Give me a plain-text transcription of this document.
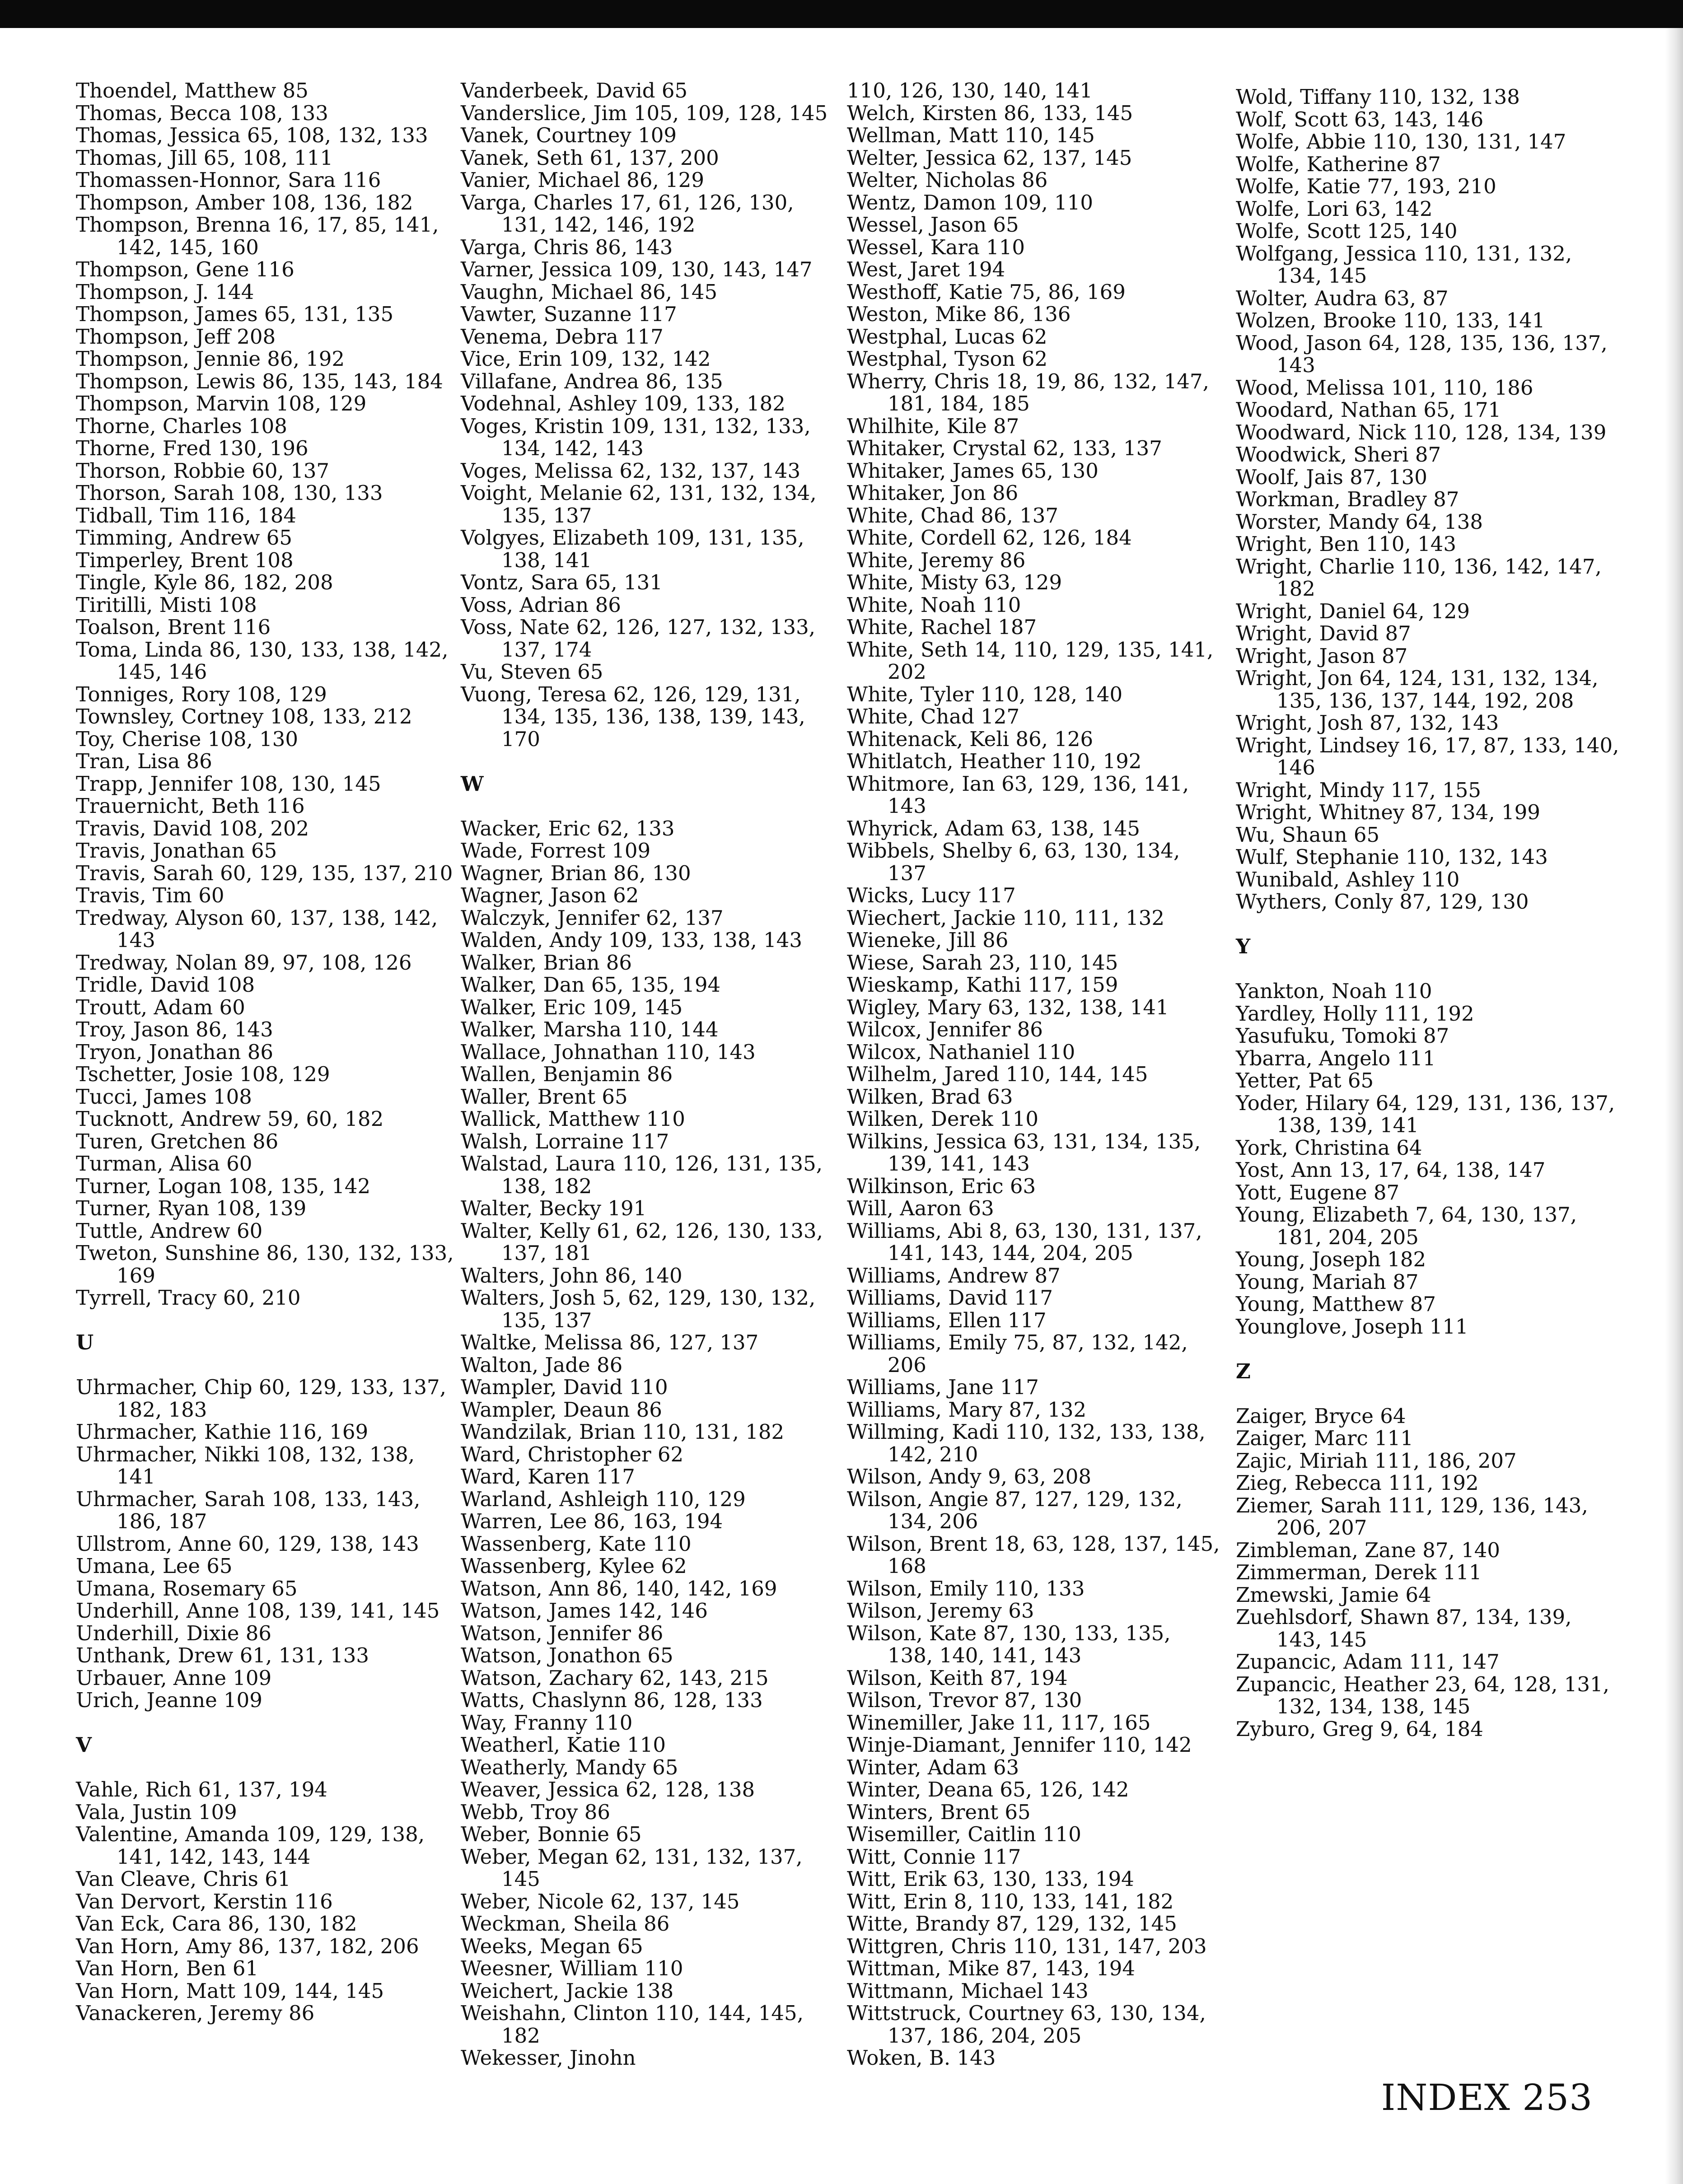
Thoendel, Matthew 85
Thomas, Becca 108, 133
Thomas, Jessica 65, 108, 132, 133
Thomas, Jill 65, 108, 111
Thomassen-Honnor, Sara 116
Thompson, Amber 108, 136, 182
Thompson, Brenna 16, 17, 85, 141, 142, 145, 160
Thompson, Gene 116
Thompson, J. 144
Thompson, James 65, 131, 135
Thompson, Jeff 208
Thompson, Jennie 86, 192
Thompson, Lewis 86, 135, 143, 184
Thompson, Marvin 108, 129
Thorne, Charles 108
Thorne, Fred 130, 196
Thorson, Robbie 60, 137
Thorson, Sarah 108, 130, 133
Tidball, Tim 116, 184
Timming, Andrew 65
Timperley, Brent 108
Tingle, Kyle 86, 182, 208
Tiritilli, Misti 108
Toalson, Brent 116
Toma, Linda 86, 130, 133, 138, 142, 145, 146
Tonniges, Rory 108, 129
Townsley, Cortney 108, 133, 212
Toy, Cherise 108, 130
Tran, Lisa 86
Trapp, Jennifer 108, 130, 145
Trauernicht, Beth 116
Travis, David 108, 202
Travis, Jonathan 65
Travis, Sarah 60, 129, 135, 137, 210
Travis, Tim 60
Tredway, Alyson 60, 137, 138, 142, 143
Tredway, Nolan 89, 97, 108, 126
Tridle, David 108
Troutt, Adam 60
Troy, Jason 86, 143
Tryon, Jonathan 86
Tschetter, Josie 108, 129
Tucci, James 108
Tucknott, Andrew 59, 60, 182
Turen, Gretchen 86
Turman, Alisa 60
Turner, Logan 108, 135, 142
Turner, Ryan 108, 139
Tuttle, Andrew 60
Tweton, Sunshine 86, 130, 132, 133, 169
Tyrrell, Tracy 60, 210
U
Uhrmacher, Chip 60, 129, 133, 137, 182, 183
Uhrmacher, Kathie 116, 169
Uhrmacher, Nikki 108, 132, 138, 141
Uhrmacher, Sarah 108, 133, 143, 186, 187
Ullstrom, Anne 60, 129, 138, 143
Umana, Lee 65
Umana, Rosemary 65
Underhill, Anne 108, 139, 141, 145
Underhill, Dixie 86
Unthank, Drew 61, 131, 133
Urbauer, Anne 109
Urich, Jeanne 109
V
Vahle, Rich 61, 137, 194
Vala, Justin 109
Valentine, Amanda 109, 129, 138, 141, 142, 143, 144
Van Cleave, Chris 61
Van Dervort, Kerstin 116
Van Eck, Cara 86, 130, 182
Van Horn, Amy 86, 137, 182, 206
Van Horn, Ben 61
Van Horn, Matt 109, 144, 145
Vanackeren, Jeremy 86
Vanderbeek, David 65
Vanderslice, Jim 105, 109, 128, 145
Vanek, Courtney 109
Vanek, Seth 61, 137, 200
Vanier, Michael 86, 129
Varga, Charles 17, 61, 126, 130, 131, 142, 146, 192
Varga, Chris 86, 143
Varner, Jessica 109, 130, 143, 147
Vaughn, Michael 86, 145
Vawter, Suzanne 117
Venema, Debra 117
Vice, Erin 109, 132, 142
Villafane, Andrea 86, 135
Vodehnal, Ashley 109, 133, 182
Voges, Kristin 109, 131, 132, 133, 134, 142, 143
Voges, Melissa 62, 132, 137, 143
Voight, Melanie 62, 131, 132, 134, 135, 137
Volgyes, Elizabeth 109, 131, 135, 138, 141
Vontz, Sara 65, 131
Voss, Adrian 86
Voss, Nate 62, 126, 127, 132, 133, 137, 174
Vu, Steven 65
Vuong, Teresa 62, 126, 129, 131, 134, 135, 136, 138, 139, 143, 170
W
Wacker, Eric 62, 133
Wade, Forrest 109
Wagner, Brian 86, 130
Wagner, Jason 62
Walczyk, Jennifer 62, 137
Walden, Andy 109, 133, 138, 143
Walker, Brian 86
Walker, Dan 65, 135, 194
Walker, Eric 109, 145
Walker, Marsha 110, 144
Wallace, Johnathan 110, 143
Wallen, Benjamin 86
Waller, Brent 65
Wallick, Matthew 110
Walsh, Lorraine 117
Walstad, Laura 110, 126, 131, 135, 138, 182
Walter, Becky 191
Walter, Kelly 61, 62, 126, 130, 133, 137, 181
Walters, John 86, 140
Walters, Josh 5, 62, 129, 130, 132, 135, 137
Waltke, Melissa 86, 127, 137
Walton, Jade 86
Wampler, David 110
Wampler, Deaun 86
Wandzilak, Brian 110, 131, 182
Ward, Christopher 62
Ward, Karen 117
Warland, Ashleigh 110, 129
Warren, Lee 86, 163, 194
Wassenberg, Kate 110
Wassenberg, Kylee 62
Watson, Ann 86, 140, 142, 169
Watson, James 142, 146
Watson, Jennifer 86
Watson, Jonathon 65
Watson, Zachary 62, 143, 215
Watts, Chaslynn 86, 128, 133
Way, Franny 110
Weatherl, Katie 110
Weatherly, Mandy 65
Weaver, Jessica 62, 128, 138
Webb, Troy 86
Weber, Bonnie 65
Weber, Megan 62, 131, 132, 137, 145
Weber, Nicole 62, 137, 145
Weckman, Sheila 86
Weeks, Megan 65
Weesner, William 110
Weichert, Jackie 138
Weishahn, Clinton 110, 144, 145, 182
Wekesser, Jinohn
110, 126, 130, 140, 141
Welch, Kirsten 86, 133, 145
Wellman, Matt 110, 145
Welter, Jessica 62, 137, 145
Welter, Nicholas 86
Wentz, Damon 109, 110
Wessel, Jason 65
Wessel, Kara 110
West, Jaret 194
Westhoff, Katie 75, 86, 169
Weston, Mike 86, 136
Westphal, Lucas 62
Westphal, Tyson 62
Wherry, Chris 18, 19, 86, 132, 147, 181, 184, 185
Whilhite, Kile 87
Whitaker, Crystal 62, 133, 137
Whitaker, James 65, 130
Whitaker, Jon 86
White, Chad 86, 137
White, Cordell 62, 126, 184
White, Jeremy 86
White, Misty 63, 129
White, Noah 110
White, Rachel 187
White, Seth 14, 110, 129, 135, 141, 202
White, Tyler 110, 128, 140
White, Chad 127
Whitenack, Keli 86, 126
Whitlatch, Heather 110, 192
Whitmore, Ian 63, 129, 136, 141, 143
Whyrick, Adam 63, 138, 145
Wibbels, Shelby 6, 63, 130, 134, 137
Wicks, Lucy 117
Wiechert, Jackie 110, 111, 132
Wieneke, Jill 86
Wiese, Sarah 23, 110, 145
Wieskamp, Kathi 117, 159
Wigley, Mary 63, 132, 138, 141
Wilcox, Jennifer 86
Wilcox, Nathaniel 110
Wilhelm, Jared 110, 144, 145
Wilken, Brad 63
Wilken, Derek 110
Wilkins, Jessica 63, 131, 134, 135, 139, 141, 143
Wilkinson, Eric 63
Will, Aaron 63
Williams, Abi 8, 63, 130, 131, 137, 141, 143, 144, 204, 205
Williams, Andrew 87
Williams, David 117
Williams, Ellen 117
Williams, Emily 75, 87, 132, 142, 206
Williams, Jane 117
Williams, Mary 87, 132
Willming, Kadi 110, 132, 133, 138, 142, 210
Wilson, Andy 9, 63, 208
Wilson, Angie 87, 127, 129, 132, 134, 206
Wilson, Brent 18, 63, 128, 137, 145, 168
Wilson, Emily 110, 133
Wilson, Jeremy 63
Wilson, Kate 87, 130, 133, 135, 138, 140, 141, 143
Wilson, Keith 87, 194
Wilson, Trevor 87, 130
Winemiller, Jake 11, 117, 165
Winje-Diamant, Jennifer 110, 142
Winter, Adam 63
Winter, Deana 65, 126, 142
Winters, Brent 65
Wisemiller, Caitlin 110
Witt, Connie 117
Witt, Erik 63, 130, 133, 194
Witt, Erin 8, 110, 133, 141, 182
Witte, Brandy 87, 129, 132, 145
Wittgren, Chris 110, 131, 147, 203
Wittman, Mike 87, 143, 194
Wittmann, Michael 143
Wittstruck, Courtney 63, 130, 134, 137, 186, 204, 205
Woken, B. 143
Wold, Tiffany 110, 132, 138
Wolf, Scott 63, 143, 146
Wolfe, Abbie 110, 130, 131, 147
Wolfe, Katherine 87
Wolfe, Katie 77, 193, 210
Wolfe, Lori 63, 142
Wolfe, Scott 125, 140
Wolfgang, Jessica 110, 131, 132, 134, 145
Wolter, Audra 63, 87
Wolzen, Brooke 110, 133, 141
Wood, Jason 64, 128, 135, 136, 137, 143
Wood, Melissa 101, 110, 186
Woodard, Nathan 65, 171
Woodward, Nick 110, 128, 134, 139
Woodwick, Sheri 87
Woolf, Jais 87, 130
Workman, Bradley 87
Worster, Mandy 64, 138
Wright, Ben 110, 143
Wright, Charlie 110, 136, 142, 147, 182
Wright, Daniel 64, 129
Wright, David 87
Wright, Jason 87
Wright, Jon 64, 124, 131, 132, 134, 135, 136, 137, 144, 192, 208
Wright, Josh 87, 132, 143
Wright, Lindsey 16, 17, 87, 133, 140, 146
Wright, Mindy 117, 155
Wright, Whitney 87, 134, 199
Wu, Shaun 65
Wulf, Stephanie 110, 132, 143
Wunibald, Ashley 110
Wythers, Conly 87, 129, 130
Y
Yankton, Noah 110
Yardley, Holly 111, 192
Yasufuku, Tomoki 87
Ybarra, Angelo 111
Yetter, Pat 65
Yoder, Hilary 64, 129, 131, 136, 137, 138, 139, 141
York, Christina 64
Yost, Ann 13, 17, 64, 138, 147
Yott, Eugene 87
Young, Elizabeth 7, 64, 130, 137, 181, 204, 205
Young, Joseph 182
Young, Mariah 87
Young, Matthew 87
Younglove, Joseph 111
Z
Zaiger, Bryce 64
Zaiger, Marc 111
Zajic, Miriah 111, 186, 207
Zieg, Rebecca 111, 192
Ziemer, Sarah 111, 129, 136, 143, 206, 207
Zimbleman, Zane 87, 140
Zimmerman, Derek 111
Zmewski, Jamie 64
Zuehlsdorf, Shawn 87, 134, 139, 143, 145
Zupancic, Adam 111, 147
Zupancic, Heather 23, 64, 128, 131, 132, 134, 138, 145
Zyburo, Greg 9, 64, 184
INDEX 253
